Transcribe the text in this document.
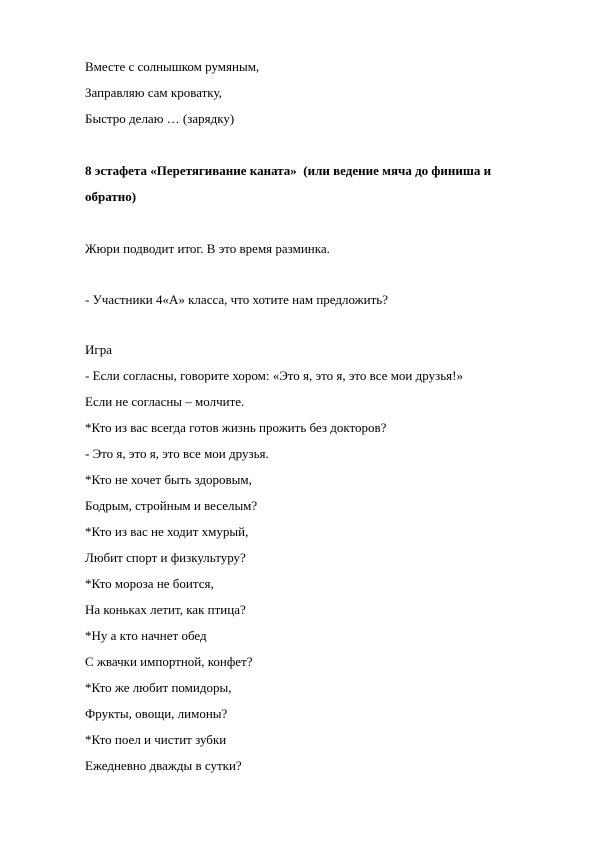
Вместе с солнышком румяным,
Заправляю сам кроватку,
Быстро делаю … (зарядку)
8 эстафета «Перетягивание каната» (или ведение мяча до финиша и
обратно)
Жюри подводит итог. В это время разминка.
- Участники 4«А» класса, что хотите нам предложить?
Игра
- Если согласны, говорите хором: «Это я, это я, это все мои друзья!»
Если не согласны – молчите.
*Кто из вас всегда готов жизнь прожить без докторов?
- Это я, это я, это все мои друзья.
*Кто не хочет быть здоровым,
Бодрым, стройным и веселым?
*Кто из вас не ходит хмурый,
Любит спорт и физкультуру?
*Кто мороза не боится,
На коньках летит, как птица?
*Ну а кто начнет обед
С жвачки импортной, конфет?
*Кто же любит помидоры,
Фрукты, овощи, лимоны?
*Кто поел и чистит зубки
Ежедневно дважды в сутки?
